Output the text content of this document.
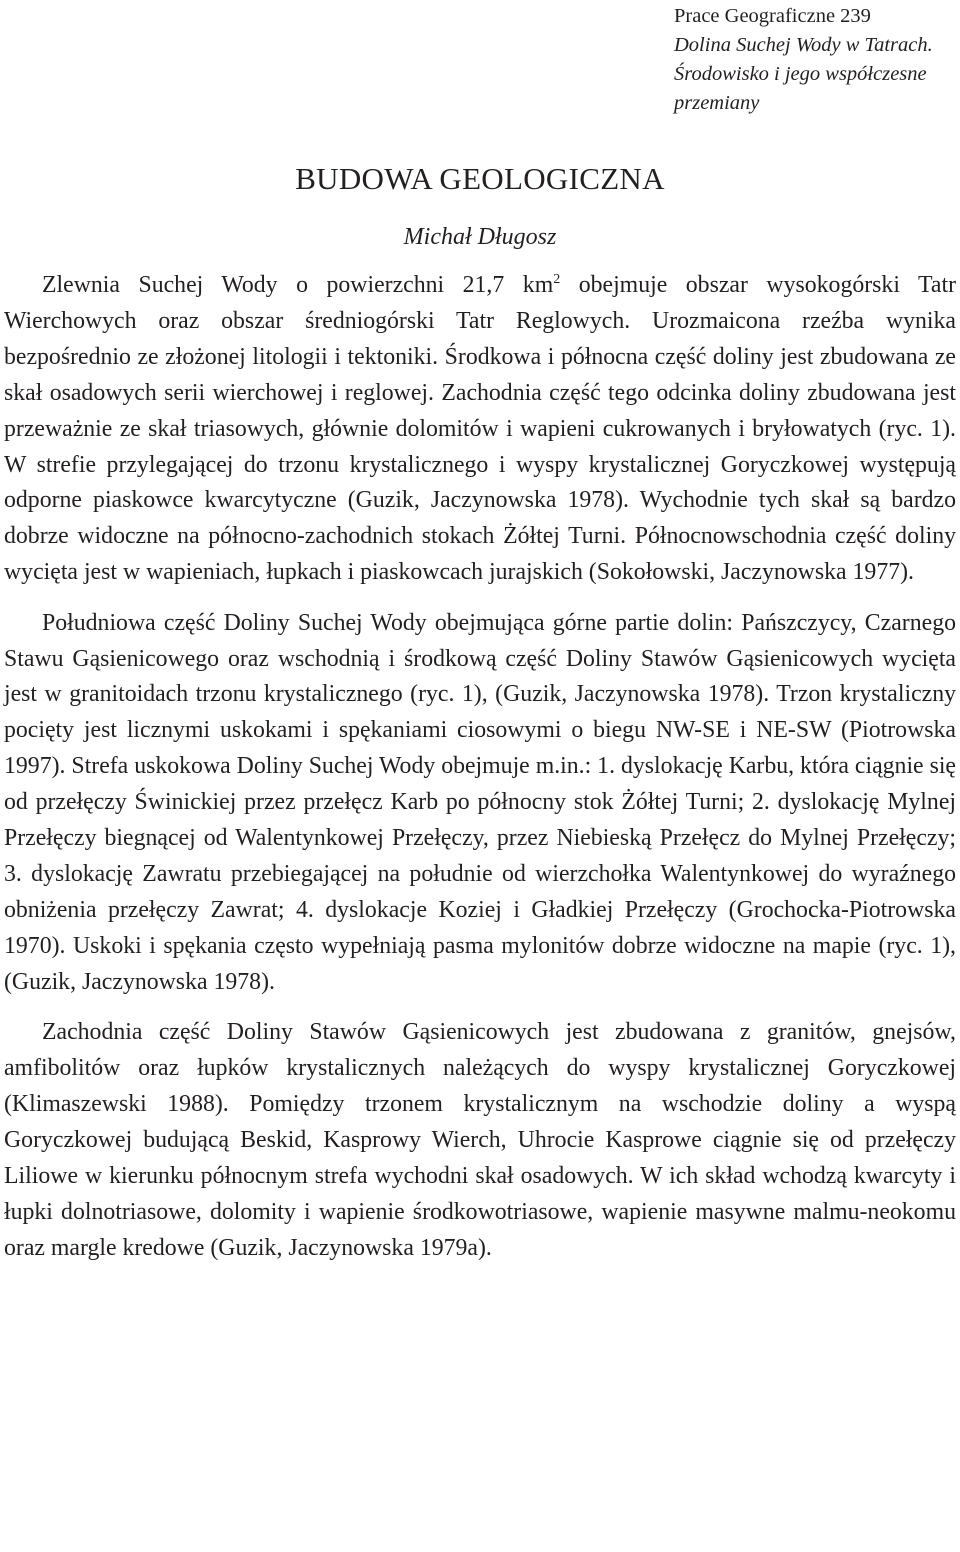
Prace Geograficzne 239
Dolina Suchej Wody w Tatrach. Środowisko i jego współczesne przemiany
BUDOWA GEOLOGICZNA
Michał Długosz

Zlewnia Suchej Wody o powierzchni 21,7 $km^2$ obejmuje obszar wysokogórski Tatr Wierchowych oraz obszar średniogórski Tatr Reglowych. Urozmaicona rzeźba wynika bezpośrednio ze złożonej litologii i tektoniki. Środkowa i północna część doliny jest zbudowana ze skał osadowych serii wierchowej i reglowej. Zachodnia część tego odcinka doliny zbudowana jest przeważnie ze skał triasowych, głównie dolomitów i wapieni cukrowanych i bryłowatych (ryc. 1). W strefie przylegającej do trzonu krystalicznego i wyspy krystalicznej Goryczkowej występują odporne piaskowce kwarcytyczne (Guzik, Jaczynowska 1978). Wychodnie tych skał są bardzo dobrze widoczne na północno-zachodnich stokach Żółtej Turni. Północnowschodnia część doliny wycięta jest w wapieniach, łupkach i piaskowcach jurajskich (Sokołowski, Jaczynowska 1977).

Południowa część Doliny Suchej Wody obejmująca górne partie dolin: Pańszczycy, Czarnego Stawu Gąsienicowego oraz wschodnią i środkową część Doliny Stawów Gąsienicowych wycięta jest w granitoidach trzonu krystalicznego (ryc. 1), (Guzik, Jaczynowska 1978). Trzon krystaliczny pocięty jest licznymi uskokami i spękaniami ciosowymi o biegu NW-SE i NE-SW (Piotrowska 1997). Strefa uskokowa Doliny Suchej Wody obejmuje m.in.: 1. dyslokację Karbu, która ciągnie się od przełęczy Świnickiej przez przełęcz Karb po północny stok Żółtej Turni; 2. dyslokację Mylnej Przełęczy biegnącej od Walentynkowej Przełęczy, przez Niebieską Przełęcz do Mylnej Przełęczy; 3. dyslokację Zawratu przebiegającej na południe od wierzchołka Walentynkowej do wyraźnego obniżenia przełęczy Zawrat; 4. dyslokacje Koziej i Gładkiej Przełęczy (Grochocka-Piotrowska 1970). Uskoki i spękania często wypełniają pasma mylonitów dobrze widoczne na mapie (ryc. 1), (Guzik, Jaczynowska 1978).

Zachodnia część Doliny Stawów Gąsienicowych jest zbudowana z granitów, gnejsów, amfibolitów oraz łupków krystalicznych należących do wyspy krystalicznej Goryczkowej (Klimaszewski 1988). Pomiędzy trzonem krystalicznym na wschodzie doliny a wyspą Goryczkowej budującą Beskid, Kasprowy Wierch, Uhrocie Kasprowe ciągnie się od przełęczy Liliowe w kierunku północnym strefa wychodni skał osadowych. W ich skład wchodzą kwarcyty i łupki dolnotriasowe, dolomity i wapienie środkowotriasowe, wapienie masywne malmu-neokomu oraz margle kredowe (Guzik, Jaczynowska 1979a).
